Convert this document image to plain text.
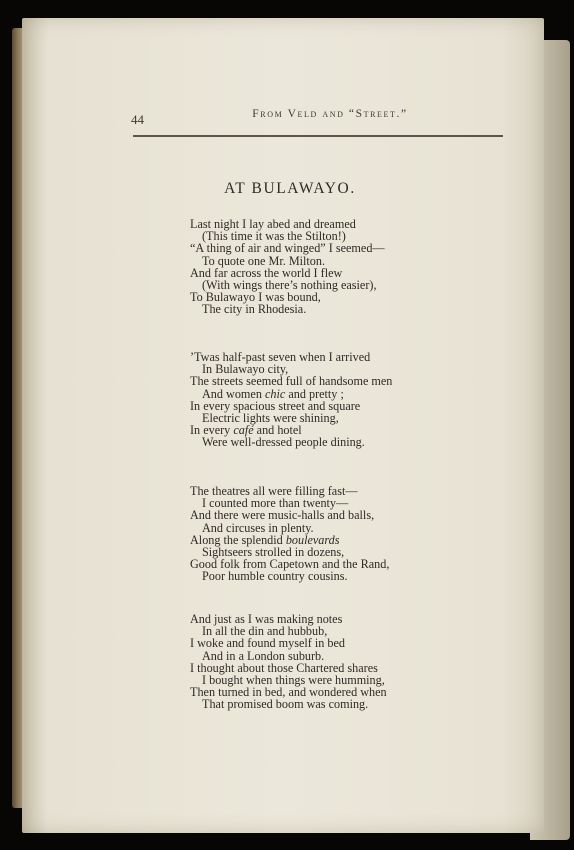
44	From Veld and “Street.”
AT BULAWAYO.
Last night I lay abed and dreamed
(This time it was the Stilton!)
“A thing of air and winged” I seemed—
To quote one Mr. Milton.
And far across the world I flew
(With wings there’s nothing easier),
To Bulawayo I was bound,
The city in Rhodesia.
’Twas half-past seven when I arrived
In Bulawayo city,
The streets seemed full of handsome men
And women chic and pretty ;
In every spacious street and square
Electric lights were shining,
In every café and hotel
Were well-dressed people dining.
The theatres all were filling fast—
I counted more than twenty—
And there were music-halls and balls,
And circuses in plenty.
Along the splendid boulevards
Sightseers strolled in dozens,
Good folk from Capetown and the Rand,
Poor humble country cousins.
And just as I was making notes
In all the din and hubbub,
I woke and found myself in bed
And in a London suburb.
I thought about those Chartered shares
I bought when things were humming,
Then turned in bed, and wondered when
That promised boom was coming.
